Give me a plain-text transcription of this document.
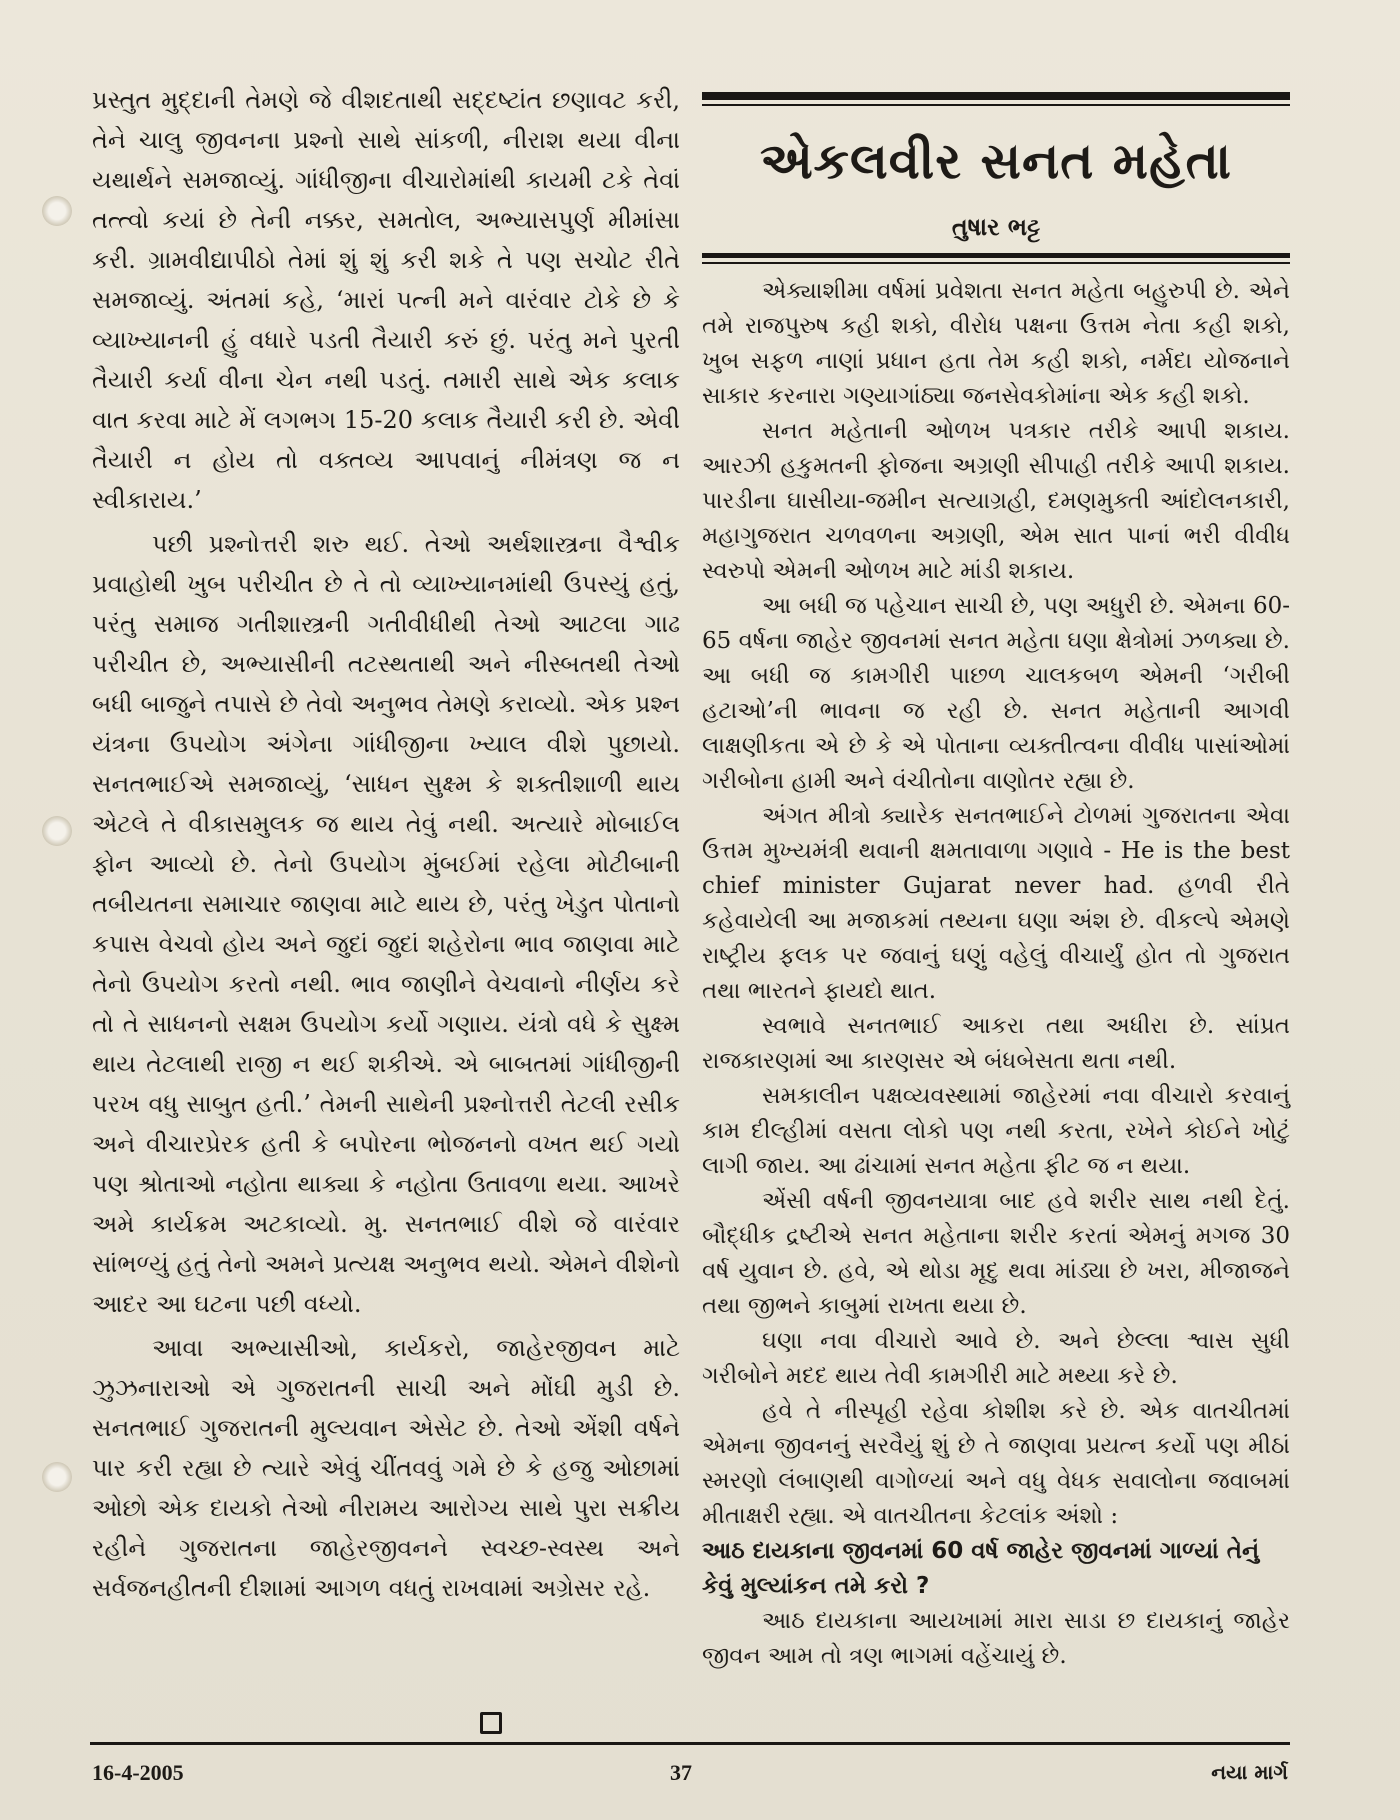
પ્રસ્તુત મુદ્દાની તેમણે જે વીશદતાથી સદ્દષ્ટાંત છણાવટ કરી, તેને ચાલુ જીવનના પ્રશ્નો સાથે સાંકળી, નીરાશ થયા વીના યથાર્થને સમજાવ્યું. ગાંધીજીના વીચારોમાંથી કાયમી ટકે તેવાં તત્ત્વો કયાં છે તેની નક્કર, સમતોલ, અભ્યાસપુર્ણ મીમાંસા કરી. ગ્રામવીદ્યાપીઠો તેમાં શું શું કરી શકે તે પણ સચોટ રીતે સમજાવ્યું. અંતમાં કહે, ‘મારાં પત્ની મને વારંવાર ટોકે છે કે વ્યાખ્યાનની હું વધારે પડતી તૈયારી કરું છું. પરંતુ મને પુરતી તૈયારી કર્યા વીના ચેન નથી પડતું. તમારી સાથે એક કલાક વાત કરવા માટે મેં લગભગ 15-20 કલાક તૈયારી કરી છે. એવી તૈયારી ન હોય તો વક્તવ્ય આપવાનું નીમંત્રણ જ ન સ્વીકારાય.’

પછી પ્રશ્નોત્તરી શરુ થઈ. તેઓ અર્થશાસ્ત્રના વૈશ્વીક પ્રવાહોથી ખુબ પરીચીત છે તે તો વ્યાખ્યાનમાંથી ઉપસ્યું હતું, પરંતુ સમાજ ગતીશાસ્ત્રની ગતીવીધીથી તેઓ આટલા ગાઢ પરીચીત છે, અભ્યાસીની તટસ્થતાથી અને નીસ્બતથી તેઓ બધી બાજુને તપાસે છે તેવો અનુભવ તેમણે કરાવ્યો. એક પ્રશ્ન યંત્રના ઉપયોગ અંગેના ગાંધીજીના ખ્યાલ વીશે પુછાયો. સનતભાઈએ સમજાવ્યું, ‘સાધન સુક્ષ્મ કે શક્તીશાળી થાય એટલે તે વીકાસમુલક જ થાય તેવું નથી. અત્યારે મોબાઈલ ફોન આવ્યો છે. તેનો ઉપયોગ મુંબઈમાં રહેલા મોટીબાની તબીયતના સમાચાર જાણવા માટે થાય છે, પરંતુ ખેડુત પોતાનો કપાસ વેચવો હોય અને જુદાં જુદાં શહેરોના ભાવ જાણવા માટે તેનો ઉપયોગ કરતો નથી. ભાવ જાણીને વેચવાનો નીર્ણય કરે તો તે સાધનનો સક્ષમ ઉપયોગ કર્યો ગણાય. યંત્રો વધે કે સુક્ષ્મ થાય તેટલાથી રાજી ન થઈ શકીએ. એ બાબતમાં ગાંધીજીની પરખ વધુ સાબુત હતી.’ તેમની સાથેની પ્રશ્નોત્તરી તેટલી રસીક અને વીચારપ્રેરક હતી કે બપોરના ભોજનનો વખત થઈ ગયો પણ શ્રોતાઓ નહોતા થાક્યા કે નહોતા ઉતાવળા થયા. આખરે અમે કાર્યક્રમ અટકાવ્યો. મુ. સનતભાઈ વીશે જે વારંવાર સાંભળ્યું હતું તેનો અમને પ્રત્યક્ષ અનુભવ થયો. એમને વીશેનો આદર આ ઘટના પછી વધ્યો.

આવા અભ્યાસીઓ, કાર્યકરો, જાહેરજીવન માટે ઝુઝનારાઓ એ ગુજરાતની સાચી અને મોંઘી મુડી છે. સનતભાઈ ગુજરાતની મુલ્યવાન એસેટ છે. તેઓ એંશી વર્ષને પાર કરી રહ્યા છે ત્યારે એવું ચીંતવવું ગમે છે કે હજુ ઓછામાં ઓછો એક દાયકો તેઓ નીરામય આરોગ્ય સાથે પુરા સક્રીય રહીને ગુજરાતના જાહેરજીવનને સ્વચ્છ-સ્વસ્થ અને સર્વજનહીતની દીશામાં આગળ વધતું રાખવામાં અગ્રેસર રહે.

એકલવીર સનત મહેતા
તુષાર ભટ્ટ

એક્યાશીમા વર્ષમાં પ્રવેશતા સનત મહેતા બહુરુપી છે. એને તમે રાજપુરુષ કહી શકો, વીરોધ પક્ષના ઉત્તમ નેતા કહી શકો, ખુબ સફળ નાણાં પ્રધાન હતા તેમ કહી શકો, નર્મદા યોજનાને સાકાર કરનારા ગણ્યાગાંઠ્યા જનસેવકોમાંના એક કહી શકો.

સનત મહેતાની ઓળખ પત્રકાર તરીકે આપી શકાય. આરઝી હકુમતની ફોજના અગ્રણી સીપાહી તરીકે આપી શકાય. પારડીના ઘાસીયા-જમીન સત્યાગ્રહી, દમણમુક્તી આંદોલનકારી, મહાગુજરાત ચળવળના અગ્રણી, એમ સાત પાનાં ભરી વીવીધ સ્વરુપો એમની ઓળખ માટે માંડી શકાય.

આ બધી જ પહેચાન સાચી છે, પણ અધુરી છે. એમના 60-65 વર્ષના જાહેર જીવનમાં સનત મહેતા ઘણા ક્ષેત્રોમાં ઝળક્યા છે. આ બધી જ કામગીરી પાછળ ચાલકબળ એમની ‘ગરીબી હટાઓ’ની ભાવના જ રહી છે. સનત મહેતાની આગવી લાક્ષણીકતા એ છે કે એ પોતાના વ્યક્તીત્વના વીવીધ પાસાંઓમાં ગરીબોના હામી અને વંચીતોના વાણોતર રહ્યા છે.

અંગત મીત્રો ક્યારેક સનતભાઈને ટોળમાં ગુજરાતના એવા ઉત્તમ મુખ્યમંત્રી થવાની ક્ષમતાવાળા ગણાવે - He is the best chief minister Gujarat never had. હળવી રીતે કહેવાયેલી આ મજાકમાં તથ્યના ઘણા અંશ છે. વીકલ્પે એમણે રાષ્ટ્રીય ફલક પર જવાનું ઘણું વહેલું વીચાર્યું હોત તો ગુજરાત તથા ભારતને ફાયદો થાત.

સ્વભાવે સનતભાઈ આકરા તથા અધીરા છે. સાંપ્રત રાજકારણમાં આ કારણસર એ બંધબેસતા થતા નથી.

સમકાલીન પક્ષવ્યવસ્થામાં જાહેરમાં નવા વીચારો કરવાનું કામ દીલ્હીમાં વસતા લોકો પણ નથી કરતા, રખેને કોઈને ખોટું લાગી જાય. આ ઢાંચામાં સનત મહેતા ફીટ જ ન થયા.

એંસી વર્ષની જીવનયાત્રા બાદ હવે શરીર સાથ નથી દેતું. બૌદ્ધીક દ્રષ્ટીએ સનત મહેતાના શરીર કરતાં એમનું મગજ 30 વર્ષ યુવાન છે. હવે, એ થોડા મૃદુ થવા માંડ્યા છે ખરા, મીજાજને તથા જીભને કાબુમાં રાખતા થયા છે.

ઘણા નવા વીચારો આવે છે. અને છેલ્લા શ્વાસ સુધી ગરીબોને મદદ થાય તેવી કામગીરી માટે મથ્યા કરે છે.

હવે તે નીસ્પૃહી રહેવા કોશીશ કરે છે. એક વાતચીતમાં એમના જીવનનું સરવૈયું શું છે તે જાણવા પ્રયત્ન કર્યો પણ મીઠાં સ્મરણો લંબાણથી વાગોળ્યાં અને વધુ વેધક સવાલોના જવાબમાં મીતાક્ષરી રહ્યા. એ વાતચીતના કેટલાંક અંશો :

આઠ દાયકાના જીવનમાં 60 વર્ષ જાહેર જીવનમાં ગાળ્યાં તેનું કેવું મુલ્યાંકન તમે કરો ?

આઠ દાયકાના આયખામાં મારા સાડા છ દાયકાનું જાહેર જીવન આમ તો ત્રણ ભાગમાં વહેંચાયું છે.

16-4-2005	37	નયા માર્ગ
